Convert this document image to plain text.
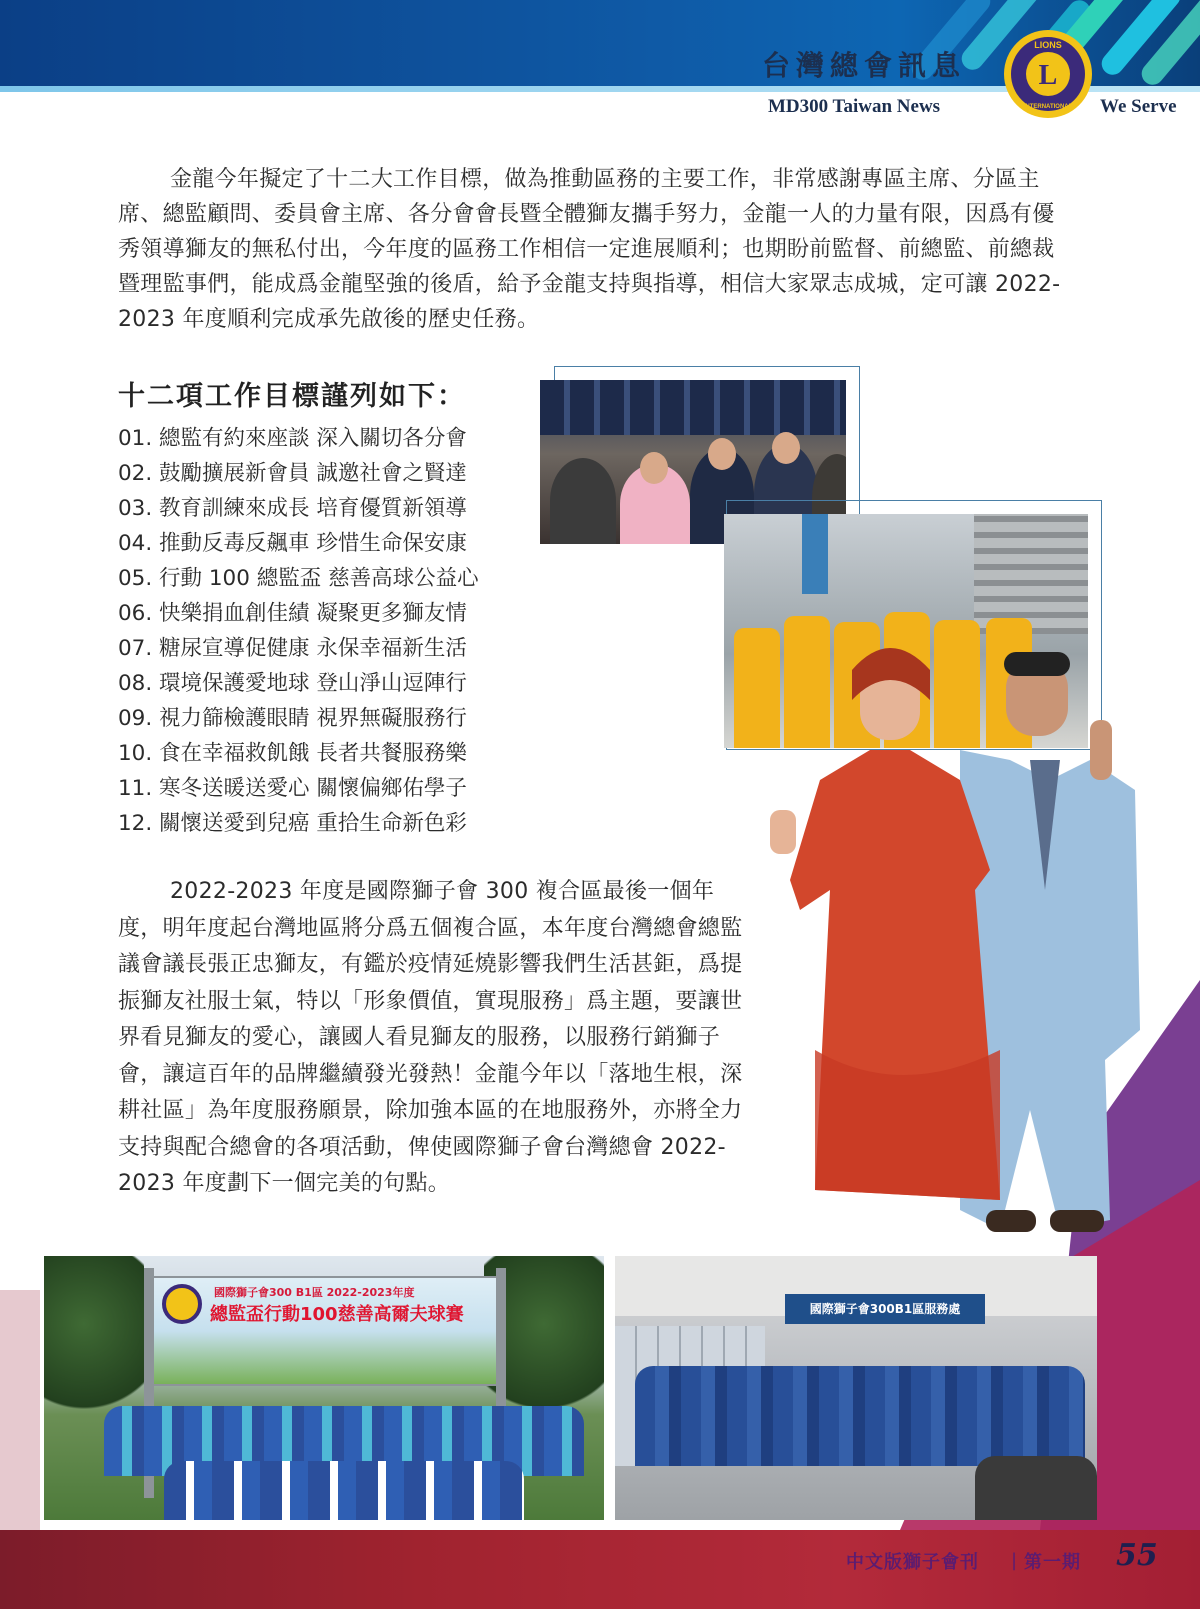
台灣總會訊息
MD300 Taiwan News	We Serve
L
LIONS
INTERNATIONAL

金龍今年擬定了十二大工作目標，做為推動區務的主要工作，非常感謝專區主席、分區主席、總監顧問、委員會主席、各分會會長暨全體獅友攜手努力，金龍一人的力量有限，因爲有優秀領導獅友的無私付出，今年度的區務工作相信一定進展順利；也期盼前監督、前總監、前總裁暨理監事們，能成爲金龍堅強的後盾，給予金龍支持與指導，相信大家眾志成城，定可讓 2022-2023 年度順利完成承先啟後的歷史任務。

十二項工作目標謹列如下：
01. 總監有約來座談 深入關切各分會
02. 鼓勵擴展新會員 誠邀社會之賢達
03. 教育訓練來成長 培育優質新領導
04. 推動反毒反飆車 珍惜生命保安康
05. 行動 100 總監盃 慈善高球公益心
06. 快樂捐血創佳績 凝聚更多獅友情
07. 糖尿宣導促健康 永保幸福新生活
08. 環境保護愛地球 登山淨山逗陣行
09. 視力篩檢護眼睛 視界無礙服務行
10. 食在幸福救飢餓 長者共餐服務樂
11. 寒冬送暖送愛心 關懷偏鄉佑學子
12. 關懷送愛到兒癌 重拾生命新色彩

2022-2023 年度是國際獅子會 300 複合區最後一個年度，明年度起台灣地區將分爲五個複合區，本年度台灣總會總監議會議長張正忠獅友，有鑑於疫情延燒影響我們生活甚鉅，爲提振獅友社服士氣，特以「形象價值，實現服務」爲主題，要讓世界看見獅友的愛心，讓國人看見獅友的服務，以服務行銷獅子會，讓這百年的品牌繼續發光發熱！金龍今年以「落地生根，深耕社區」為年度服務願景，除加強本區的在地服務外，亦將全力支持與配合總會的各項活動，俾使國際獅子會台灣總會 2022-2023 年度劃下一個完美的句點。

國際獅子會300 B1區 2022-2023年度
總監盃行動100慈善高爾夫球賽	國際獅子會300B1區服務處
中文版獅子會刊 | 第一期 55
